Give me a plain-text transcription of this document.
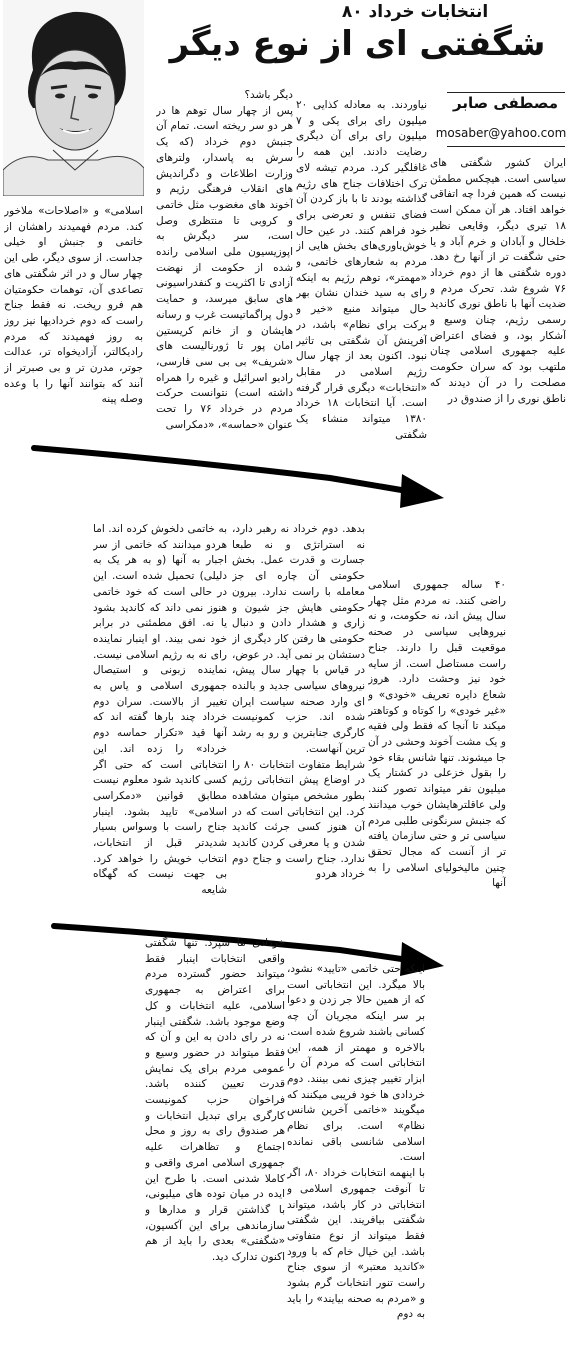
انتخابات خرداد ۸۰
شگفتی ای از نوع دیگر
مصطفی صابر
mosaber@yahoo.com
ایران کشور شگفتی های سیاسی است. هیچکس مطمئن نیست که همین فردا چه اتفاقی خواهد افتاد. هر آن ممکن است ۱۸ تیری دیگر، وقایعی نظیر خلخال و آبادان و خرم آباد و یا حتی شگفت تر از آنها رخ دهد. دوره شگفتی ها از دوم خرداد ۷۶ شروع شد. تحرک مردم و ضدیت آنها با ناطق نوری کاندید رسمی رژیم، چنان وسیع و آشکار بود، و فضای اعتراض علیه جمهوری اسلامی چنان ملتهب بود که سران حکومت مصلحت را در آن دیدند که ناطق نوری را از صندوق در
نیاوردند. به معادله کذایی ۲۰ میلیون رای برای یکی و ۷ میلیون رای برای آن دیگری رضایت دادند. این همه را غافلگیر کرد. مردم تیشه لای ترک اختلافات جناح های رژیم گذاشته بودند تا با باز کردن آن فضای تنفس و تعرضی برای خود فراهم کنند. در عین حال خوش‌باوری‌های بخش هایی از مردم به شعارهای خاتمی، و «مهمتر»، توهم رژیم به اینکه رای به سید خندان نشان بهر حال میتواند منبع «خیر و برکت برای نظام» باشد، در آفرینش آن شگفتی بی تاثیر نبود. اکنون بعد از چهار سال رژیم اسلامی در مقابل «انتخابات» دیگری قرار گرفته است. آیا انتخابات ۱۸ خرداد ۱۳۸۰ میتواند منشاء یک شگفتی
دیگر باشد؟
پس از چهار سال توهم ها در هر دو سر ریخته است. تمام آن جنبش دوم خرداد (که یک سرش به پاسدار، ولترهای وزارت اطلاعات و دگراندیش های انقلاب فرهنگی رژیم و آخوند های مغضوب مثل خاتمی و کروبی تا منتظری وصل است، سر دیگرش به اپوزیسیون ملی اسلامی رانده شده از حکومت از نهضت آزادی تا اکثریت و کنفدراسیونی های سابق میرسد، و حمایت دول پراگماتیست غرب و رسانه هایشان و از خانم کریستین امان پور تا ژورنالیست های «شریف» بی بی سی فارسی، رادیو اسرائیل و غیره را همراه داشته است) نتوانست حرکت مردم در خرداد ۷۶ را تحت عنوان «حماسه»، «دمکراسی
اسلامی» و «اصلاحات» ملاخور کند. مردم فهمیدند راهشان از خاتمی و جنبش او خیلی جداست. از سوی دیگر، طی این چهار سال و در اثر شگفتی های تصاعدی آن، توهمات حکومتیان هم فرو ریخت. نه فقط جناح راست که دوم خردادیها نیز روز به روز فهمیدند که مردم رادیکالتر، آزادیخواه تر، عدالت جوتر، مدرن تر و بی صبرتر از آنند که بتوانند آنها را با وعده وصله پینه
۴۰ ساله جمهوری اسلامی راضی کنند. نه مردم مثل چهار سال پیش اند، نه حکومت، و نه نیروهایی سیاسی در صحنه موقعیت قبل را دارند. جناح راست مستاصل است. از سایه خود نیز وحشت دارد. هروز شعاع دایره تعریف «خودی» و «غیر خودی» را کوتاه و کوتاهتر میکند تا آنجا که فقط ولی فقیه و یک مشت آخوند وحشی در آن جا میشوند. تنها شانس بقاء خود را بقول خزعلی در کشتار یک میلیون نفر میتواند تصور کنند. ولی عاقلترهایشان خوب میدانند که جنبش سرنگونی طلبی مردم سیاسی تر و حتی سازمان یافته تر از آنست که مجال تحقق چنین مالیخولیای اسلامی را به آنها
بدهد. دوم خرداد نه رهبر دارد، نه استراتژی و نه طبعا جسارت و قدرت عمل. بخش حکومتی آن چاره ای جز معامله با راست ندارد. بیرون حکومتی هایش جز شیون و زاری و هشدار دادن و دنبال حکومتی ها رفتن کار دیگری از دستشان بر نمی آید. در عوض، در قیاس با چهار سال پیش، نیروهای سیاسی جدید و بالنده ای وارد صحنه سیاست ایران شده اند. حزب کمونیست کارگری جنابترین و رو به رشد ترین آنهاست.
شرایط متفاوت انتخابات ۸۰ را در اوضاع پیش انتخاباتی رژیم بطور مشخص میتوان مشاهده کرد. این انتخاباتی است که در آن هنوز کسی جرئت کاندید شدن و یا معرفی کردن کاندید ندارد. جناح راست و جناح دوم خرداد هردو
به خاتمی دلخوش کرده اند. اما هردو میدانند که خاتمی از سر اجبار به آنها (و به هر یک به دلیلی) تحمیل شده است. این در حالی است که خود خاتمی هنوز نمی داند که کاندید بشود یا نه. افق مطمئنی در برابر خود نمی بیند. او اینبار نماینده رای نه به رژیم اسلامی نیست. نماینده زبونی و استیصال جمهوری اسلامی و یاس به تغییر از بالاست. سران دوم خرداد چند بارها گفته اند که آنها قید «تکرار حماسه دوم خرداد» را زده اند. این انتخاباتی است که حتی اگر کسی کاندید شود معلوم نیست مطابق قوانین «دمکراسی اسلامی» تایید بشود. اینبار جناح راست با وسواس بسیار شدیدتر قبل از انتخابات، انتخاب خویش را خواهد کرد. بی جهت نیست که گهگاه شایعه
اینکه حتی خاتمی «تایید» نشود، بالا میگرد. این انتخاباتی است که از همین حالا جر زدن و دعوا بر سر اینکه مجریان آن چه کسانی باشند شروع شده است. بالاخره و مهمتر از همه، این انتخاباتی است که مردم آن را ابزار تغییر چیزی نمی بینند. دوم خردادی ها خود فریبی میکنند که میگویند «خاتمی آخرین شانس نظام» است. برای نظام اسلامی شانسی باقی نمانده است.
با اینهمه انتخابات خرداد ۸۰، اگر تا آنوقت جمهوری اسلامی و انتخاباتی در کار باشد، میتواند شگفتی بیافریند. این شگفتی فقط میتواند از نوع متفاوتی باشد. این خیال خام که با ورود «کاندید معتبر» از سوی جناح راست تنور انتخابات گرم بشود و «مردم به صحنه بیایند» را باید به دوم
خردادی ها سپرد. تنها شگفتی واقعی انتخابات اینبار فقط میتواند حضور گسترده مردم برای اعتراض به جمهوری اسلامی، علیه انتخابات و کل وضع موجود باشد. شگفتی اینبار نه در رای دادن به این و آن که فقط میتواند در حضور وسیع و عمومی مردم برای یک نمایش قدرت تعیین کننده باشد. فراخوان حزب کمونیست کارگری برای تبدیل انتخابات و هر صندوق رای به روز و محل اجتماع و تظاهرات علیه جمهوری اسلامی امری واقعی و کاملا شدنی است. با طرح این ایده در میان توده های میلیونی، با گذاشتن قرار و مدارها و سازماندهی برای این آکسیون، «شگفتی» بعدی را باید از هم اکنون تدارک دید.
